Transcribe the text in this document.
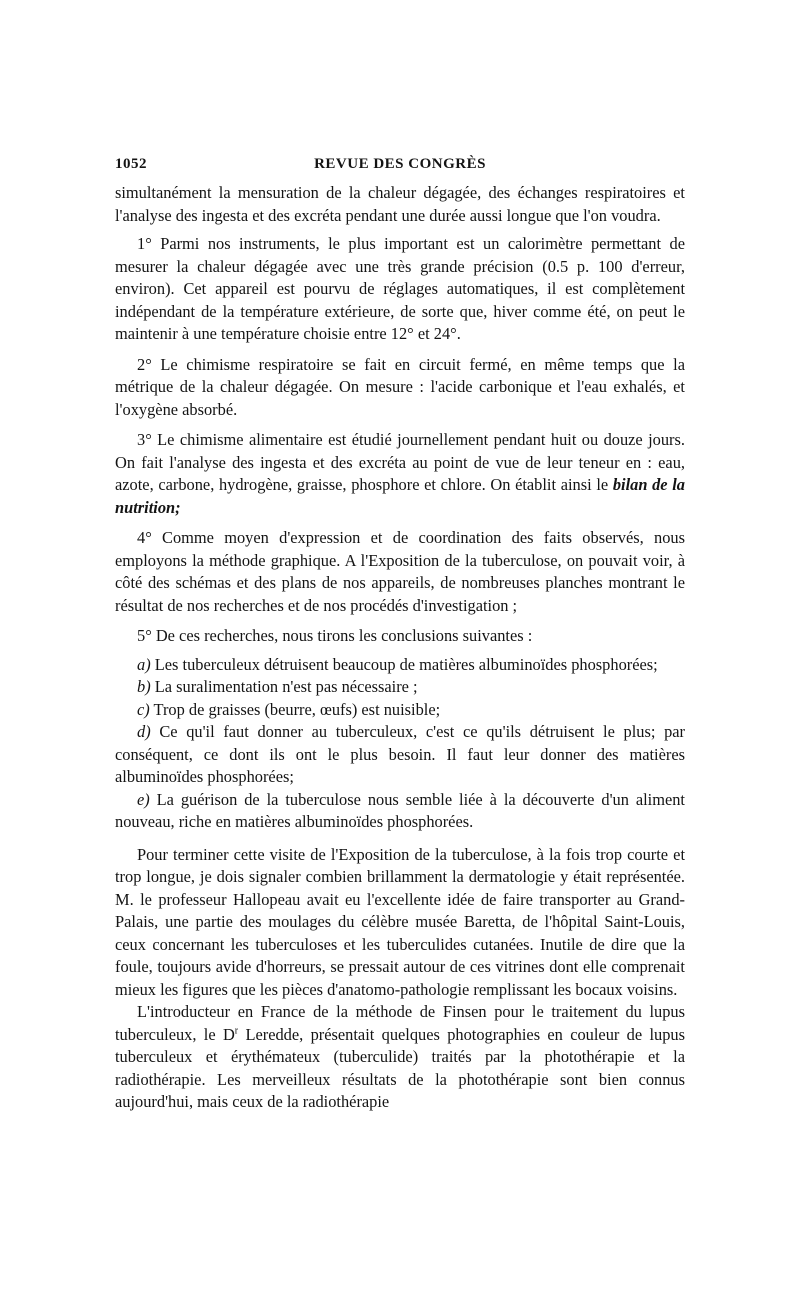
1052	REVUE DES CONGRÈS

simultanément la mensuration de la chaleur dégagée, des échanges respiratoires et l'analyse des ingesta et des excréta pendant une durée aussi longue que l'on voudra.

1° Parmi nos instruments, le plus important est un calorimètre permettant de mesurer la chaleur dégagée avec une très grande précision (0.5 p. 100 d'erreur, environ). Cet appareil est pourvu de réglages automatiques, il est complètement indépendant de la température extérieure, de sorte que, hiver comme été, on peut le maintenir à une température choisie entre 12° et 24°.

2° Le chimisme respiratoire se fait en circuit fermé, en même temps que la métrique de la chaleur dégagée. On mesure : l'acide carbonique et l'eau exhalés, et l'oxygène absorbé.

3° Le chimisme alimentaire est étudié journellement pendant huit ou douze jours. On fait l'analyse des ingesta et des excréta au point de vue de leur teneur en : eau, azote, carbone, hydrogène, graisse, phosphore et chlore. On établit ainsi le bilan de la nutrition;

4° Comme moyen d'expression et de coordination des faits observés, nous employons la méthode graphique. A l'Exposition de la tuberculose, on pouvait voir, à côté des schémas et des plans de nos appareils, de nombreuses planches montrant le résultat de nos recherches et de nos procédés d'investigation ;

5° De ces recherches, nous tirons les conclusions suivantes :

a) Les tuberculeux détruisent beaucoup de matières albuminoïdes phosphorées;

b) La suralimentation n'est pas nécessaire ;

c) Trop de graisses (beurre, œufs) est nuisible;

d) Ce qu'il faut donner au tuberculeux, c'est ce qu'ils détruisent le plus; par conséquent, ce dont ils ont le plus besoin. Il faut leur donner des matières albuminoïdes phosphorées;

e) La guérison de la tuberculose nous semble liée à la découverte d'un aliment nouveau, riche en matières albuminoïdes phosphorées.

Pour terminer cette visite de l'Exposition de la tuberculose, à la fois trop courte et trop longue, je dois signaler combien brillamment la dermatologie y était représentée. M. le professeur Hallopeau avait eu l'excellente idée de faire transporter au Grand-Palais, une partie des moulages du célèbre musée Baretta, de l'hôpital Saint-Louis, ceux concernant les tuberculoses et les tuberculides cutanées. Inutile de dire que la foule, toujours avide d'horreurs, se pressait autour de ces vitrines dont elle comprenait mieux les figures que les pièces d'anatomo-pathologie remplissant les bocaux voisins.

L'introducteur en France de la méthode de Finsen pour le traitement du lupus tuberculeux, le $D^r$ Leredde, présentait quelques photographies en couleur de lupus tuberculeux et érythémateux (tuberculide) traités par la photothérapie et la radiothérapie. Les merveilleux résultats de la photothérapie sont bien connus aujourd'hui, mais ceux de la radiothérapie
